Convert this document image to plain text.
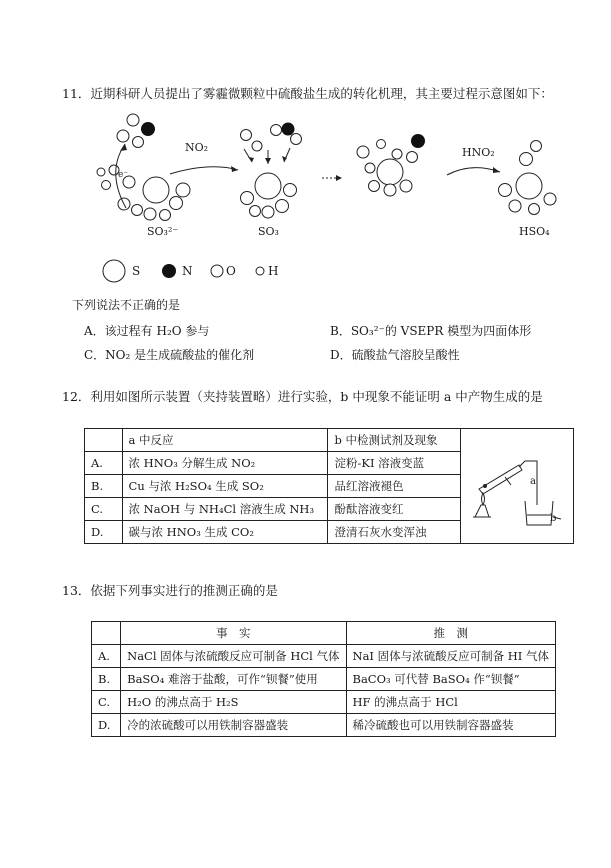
11．近期科研人员提出了雾霾微颗粒中硫酸盐生成的转化机理，其主要过程示意图如下：
NO₂
e⁻
SO₃²⁻	SO₃
HNO₂
HSO₄
S	N	O	H
下列说法不正确的是
A．该过程有 H₂O 参与	B．SO₃²⁻的 VSEPR 模型为四面体形
C．NO₂ 是生成硫酸盐的催化剂	D．硫酸盐气溶胶呈酸性
12．利用如图所示装置（夹持装置略）进行实验，b 中现象不能证明 a 中产物生成的是
	a 中反应	b 中检测试剂及现象	

A.	浓 HNO₃ 分解生成 NO₂	淀粉-KI 溶液变蓝	
B.	Cu 与浓 H₂SO₄ 生成 SO₂	品红溶液褪色	
C.	浓 NaOH 与 NH₄Cl 溶液生成 NH₃	酚酞溶液变红	
D.	碳与浓 HNO₃ 生成 CO₂	澄清石灰水变浑浊	
a
b
13．依据下列事实进行的推测正确的是
	事　实	推　测
A.	NaCl 固体与浓硫酸反应可制备 HCl 气体	NaI 固体与浓硫酸反应可制备 HI 气体
B.	BaSO₄ 难溶于盐酸，可作“钡餐”使用	BaCO₃ 可代替 BaSO₄ 作“钡餐”
C.	H₂O 的沸点高于 H₂S	HF 的沸点高于 HCl
D.	冷的浓硫酸可以用铁制容器盛装	稀冷硫酸也可以用铁制容器盛装
